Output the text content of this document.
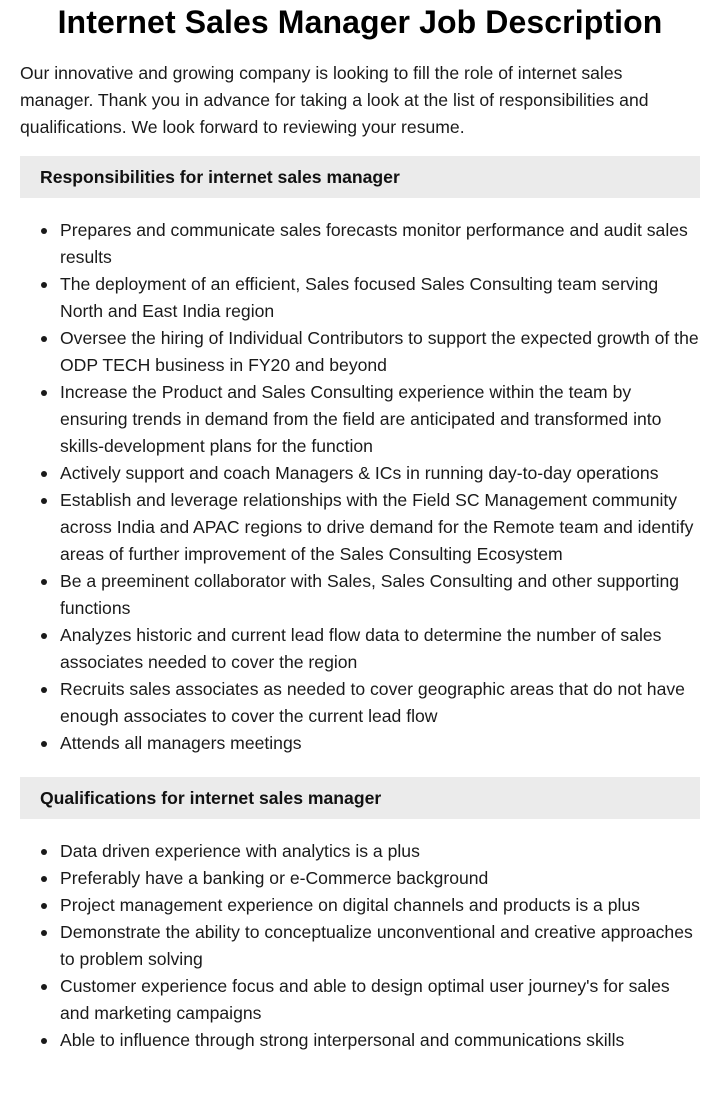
Internet Sales Manager Job Description

Our innovative and growing company is looking to fill the role of internet sales manager. Thank you in advance for taking a look at the list of responsibilities and qualifications. We look forward to reviewing your resume.

Responsibilities for internet sales manager
Prepares and communicate sales forecasts monitor performance and audit sales results
The deployment of an efficient, Sales focused Sales Consulting team serving North and East India region
Oversee the hiring of Individual Contributors to support the expected growth of the ODP TECH business in FY20 and beyond
Increase the Product and Sales Consulting experience within the team by ensuring trends in demand from the field are anticipated and transformed into skills-development plans for the function
Actively support and coach Managers & ICs in running day-to-day operations
Establish and leverage relationships with the Field SC Management community across India and APAC regions to drive demand for the Remote team and identify areas of further improvement of the Sales Consulting Ecosystem
Be a preeminent collaborator with Sales, Sales Consulting and other supporting functions
Analyzes historic and current lead flow data to determine the number of sales associates needed to cover the region
Recruits sales associates as needed to cover geographic areas that do not have enough associates to cover the current lead flow
Attends all managers meetings
Qualifications for internet sales manager
Data driven experience with analytics is a plus
Preferably have a banking or e-Commerce background
Project management experience on digital channels and products is a plus
Demonstrate the ability to conceptualize unconventional and creative approaches to problem solving
Customer experience focus and able to design optimal user journey's for sales and marketing campaigns
Able to influence through strong interpersonal and communications skills
